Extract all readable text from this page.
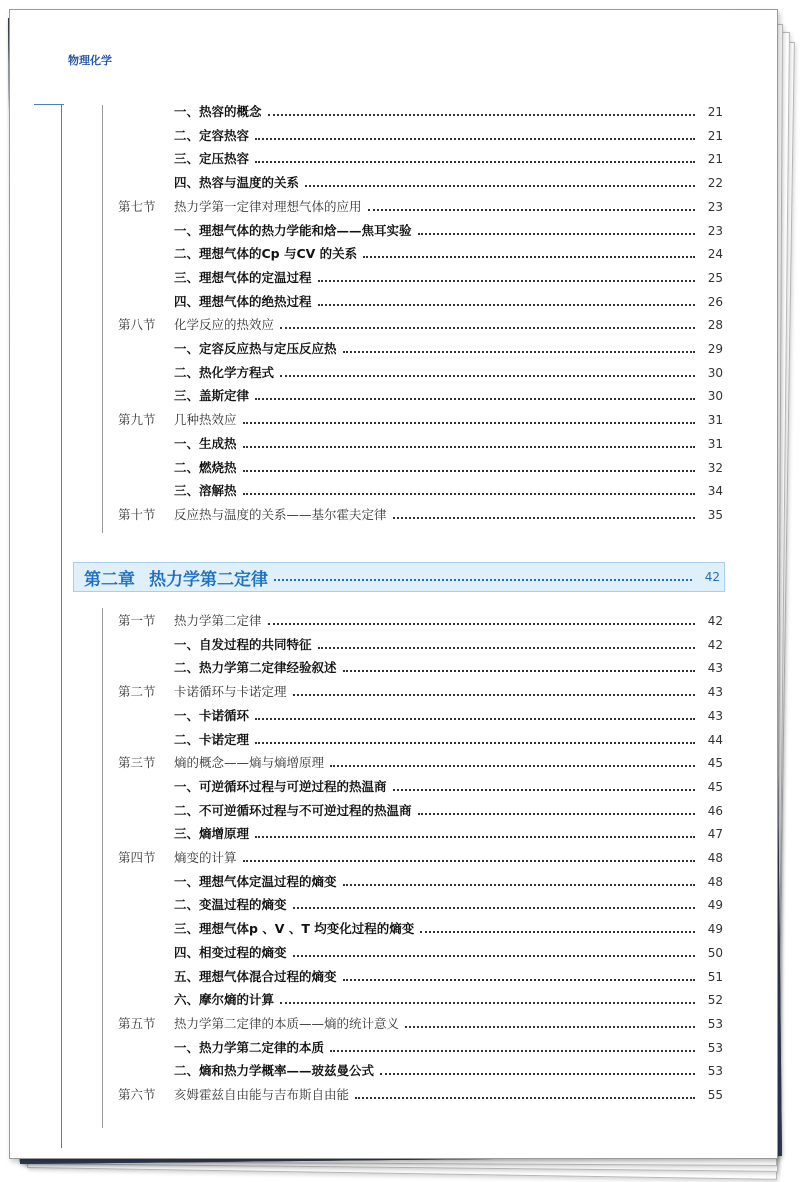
物理化学
一、热容的概念	21
二、定容热容	21
三、定压热容	21
四、热容与温度的关系	22
第七节	热力学第一定律对理想气体的应用	23
一、理想气体的热力学能和焓——焦耳实验	23
二、理想气体的Cp 与CV 的关系	24
三、理想气体的定温过程	25
四、理想气体的绝热过程	26
第八节	化学反应的热效应	28
一、定容反应热与定压反应热	29
二、热化学方程式	30
三、盖斯定律	30
第九节	几种热效应	31
一、生成热	31
二、燃烧热	32
三、溶解热	34
第十节	反应热与温度的关系——基尔霍夫定律	35
第二章 热力学第二定律	42
第一节	热力学第二定律	42
一、自发过程的共同特征	42
二、热力学第二定律经验叙述	43
第二节	卡诺循环与卡诺定理	43
一、卡诺循环	43
二、卡诺定理	44
第三节	熵的概念——熵与熵增原理	45
一、可逆循环过程与可逆过程的热温商	45
二、不可逆循环过程与不可逆过程的热温商	46
三、熵增原理	47
第四节	熵变的计算	48
一、理想气体定温过程的熵变	48
二、变温过程的熵变	49
三、理想气体p 、V 、T 均变化过程的熵变	49
四、相变过程的熵变	50
五、理想气体混合过程的熵变	51
六、摩尔熵的计算	52
第五节	热力学第二定律的本质——熵的统计意义	53
一、热力学第二定律的本质	53
二、熵和热力学概率——玻兹曼公式	53
第六节	亥姆霍兹自由能与吉布斯自由能	55
